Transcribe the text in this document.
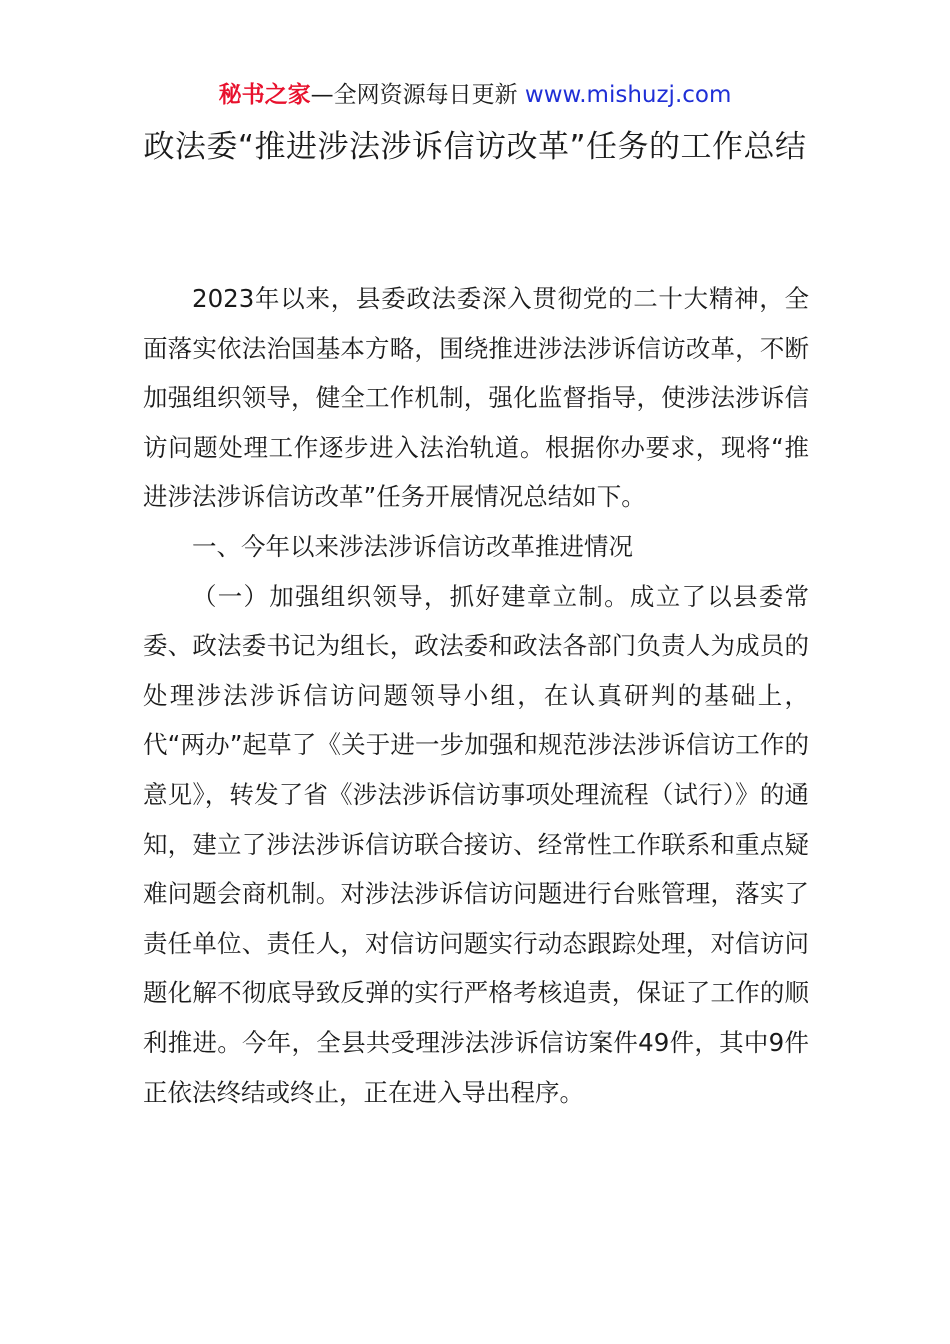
秘书之家—全网资源每日更新 www.mishuzj.com
政法委“推进涉法涉诉信访改革”任务的工作总结

2023年以来，县委政法委深入贯彻党的二十大精神，全面落实依法治国基本方略，围绕推进涉法涉诉信访改革，不断加强组织领导，健全工作机制，强化监督指导，使涉法涉诉信访问题处理工作逐步进入法治轨道。根据你办要求，现将“推进涉法涉诉信访改革”任务开展情况总结如下。

一、今年以来涉法涉诉信访改革推进情况

（一）加强组织领导，抓好建章立制。成立了以县委常委、政法委书记为组长，政法委和政法各部门负责人为成员的处理涉法涉诉信访问题领导小组，在认真研判的基础上，代“两办”起草了《关于进一步加强和规范涉法涉诉信访工作的意见》，转发了省《涉法涉诉信访事项处理流程（试行）》的通知，建立了涉法涉诉信访联合接访、经常性工作联系和重点疑难问题会商机制。对涉法涉诉信访问题进行台账管理，落实了责任单位、责任人，对信访问题实行动态跟踪处理，对信访问题化解不彻底导致反弹的实行严格考核追责，保证了工作的顺利推进。今年，全县共受理涉法涉诉信访案件49件，其中9件正依法终结或终止，正在进入导出程序。
